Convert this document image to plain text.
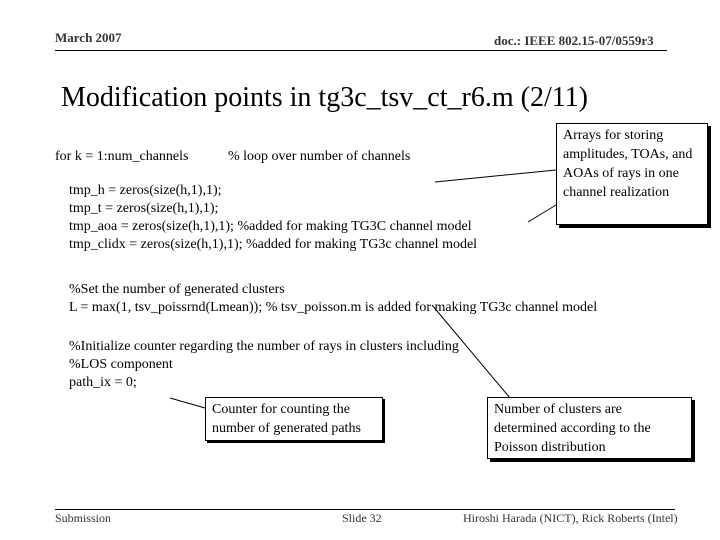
March 2007	doc.: IEEE 802.15-07/0559r3
Modification points in tg3c_tsv_ct_r6.m (2/11)
for k = 1:num_channels	% loop over number of channels
tmp_h = zeros(size(h,1),1);
tmp_t = zeros(size(h,1),1);
tmp_aoa = zeros(size(h,1),1); %added for making TG3C channel model
tmp_clidx = zeros(size(h,1),1); %added for making TG3c channel model
%Set the number of generated clusters
L = max(1, tsv_poissrnd(Lmean)); % tsv_poisson.m is added for making TG3c channel model
%Initialize counter regarding the number of rays in clusters including
%LOS component
path_ix = 0;
Arrays for storing amplitudes, TOAs, and AOAs of rays in one channel realization
Counter for counting the number of generated paths
Number of clusters are determined according to the Poisson distribution
Submission	Slide 32	Hiroshi Harada (NICT), Rick Roberts (Intel)
